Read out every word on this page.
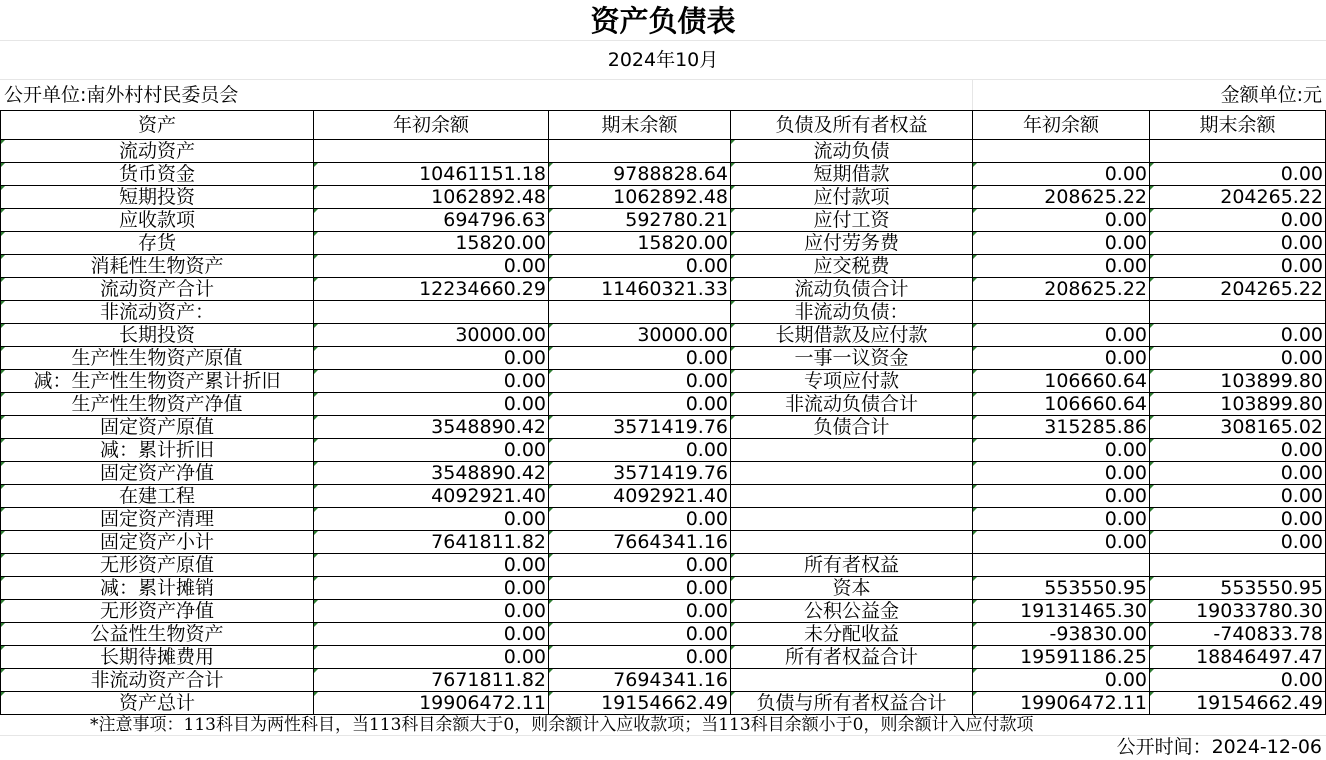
资产负债表
2024年10月
公开单位:南外村村民委员会	金额单位:元
资产	年初余额	期末余额	负债及所有者权益	年初余额	期末余额
流动资产			流动负债		
货币资金	10461151.18	9788828.64	短期借款	0.00	0.00
短期投资	1062892.48	1062892.48	应付款项	208625.22	204265.22
应收款项	694796.63	592780.21	应付工资	0.00	0.00
存货	15820.00	15820.00	应付劳务费	0.00	0.00
消耗性生物资产	0.00	0.00	应交税费	0.00	0.00
流动资产合计	12234660.29	11460321.33	流动负债合计	208625.22	204265.22
非流动资产：			非流动负债：		
长期投资	30000.00	30000.00	长期借款及应付款	0.00	0.00
生产性生物资产原值	0.00	0.00	一事一议资金	0.00	0.00
减：生产性生物资产累计折旧	0.00	0.00	专项应付款	106660.64	103899.80
生产性生物资产净值	0.00	0.00	非流动负债合计	106660.64	103899.80
固定资产原值	3548890.42	3571419.76	负债合计	315285.86	308165.02
减：累计折旧	0.00	0.00		0.00	0.00
固定资产净值	3548890.42	3571419.76		0.00	0.00
在建工程	4092921.40	4092921.40		0.00	0.00
固定资产清理	0.00	0.00		0.00	0.00
固定资产小计	7641811.82	7664341.16		0.00	0.00
无形资产原值	0.00	0.00	所有者权益		
减：累计摊销	0.00	0.00	资本	553550.95	553550.95
无形资产净值	0.00	0.00	公积公益金	19131465.30	19033780.30
公益性生物资产	0.00	0.00	未分配收益	-93830.00	-740833.78
长期待摊费用	0.00	0.00	所有者权益合计	19591186.25	18846497.47
非流动资产合计	7671811.82	7694341.16		0.00	0.00
资产总计	19906472.11	19154662.49	负债与所有者权益合计	19906472.11	19154662.49
*注意事项：113科目为两性科目，当113科目余额大于0，则余额计入应收款项；当113科目余额小于0，则余额计入应付款项
公开时间：2024-12-06
